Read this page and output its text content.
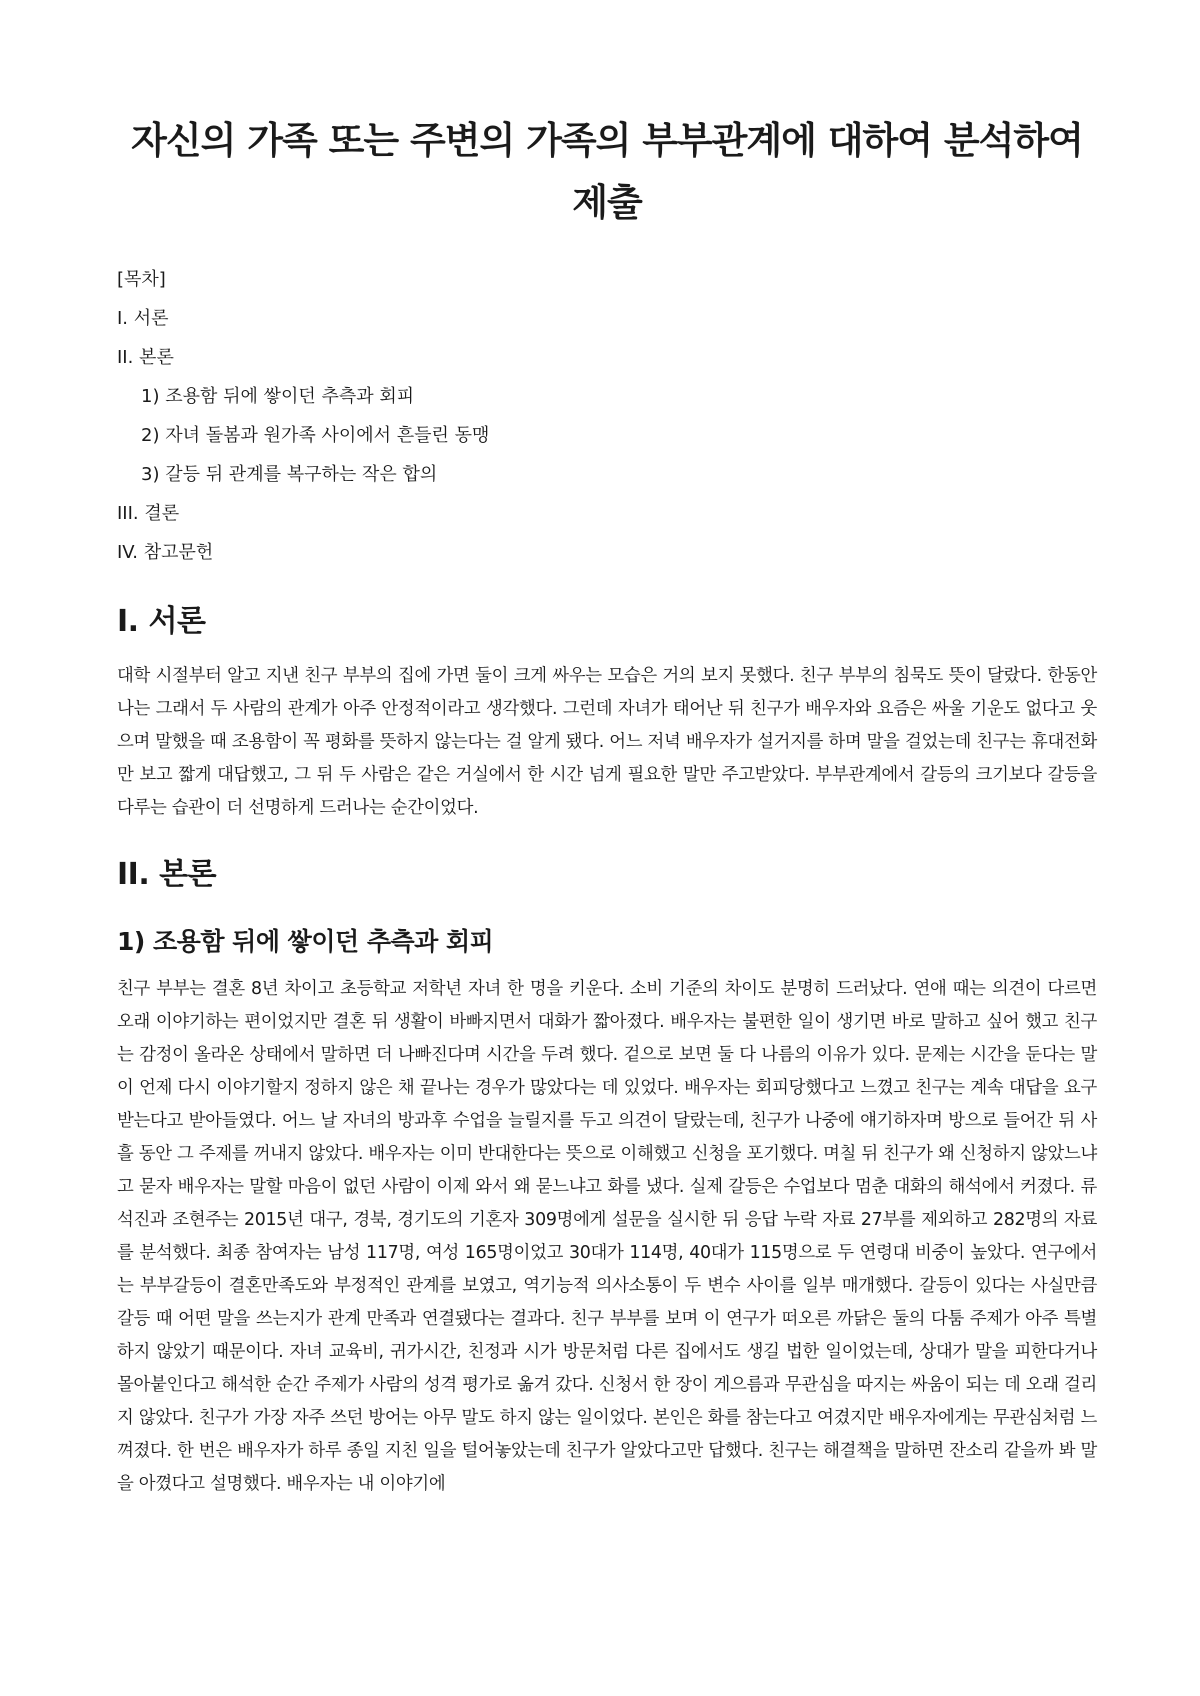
자신의 가족 또는 주변의 가족의 부부관계에 대하여 분석하여
제출
[목차]
I. 서론
II. 본론
1) 조용함 뒤에 쌓이던 추측과 회피
2) 자녀 돌봄과 원가족 사이에서 흔들린 동맹
3) 갈등 뒤 관계를 복구하는 작은 합의
III. 결론
IV. 참고문헌
I. 서론

대학 시절부터 알고 지낸 친구 부부의 집에 가면 둘이 크게 싸우는 모습은 거의 보지 못했다. 친구 부부의 침묵도 뜻이 달랐다. 한동안 나는 그래서 두 사람의 관계가 아주 안정적이라고 생각했다. 그런데 자녀가 태어난 뒤 친구가 배우자와 요즘은 싸울 기운도 없다고 웃으며 말했을 때 조용함이 꼭 평화를 뜻하지 않는다는 걸 알게 됐다. 어느 저녁 배우자가 설거지를 하며 말을 걸었는데 친구는 휴대전화만 보고 짧게 대답했고, 그 뒤 두 사람은 같은 거실에서 한 시간 넘게 필요한 말만 주고받았다. 부부관계에서 갈등의 크기보다 갈등을 다루는 습관이 더 선명하게 드러나는 순간이었다.

II. 본론
1) 조용함 뒤에 쌓이던 추측과 회피

친구 부부는 결혼 8년 차이고 초등학교 저학년 자녀 한 명을 키운다. 소비 기준의 차이도 분명히 드러났다. 연애 때는 의견이 다르면 오래 이야기하는 편이었지만 결혼 뒤 생활이 바빠지면서 대화가 짧아졌다. 배우자는 불편한 일이 생기면 바로 말하고 싶어 했고 친구는 감정이 올라온 상태에서 말하면 더 나빠진다며 시간을 두려 했다. 겉으로 보면 둘 다 나름의 이유가 있다. 문제는 시간을 둔다는 말이 언제 다시 이야기할지 정하지 않은 채 끝나는 경우가 많았다는 데 있었다. 배우자는 회피당했다고 느꼈고 친구는 계속 대답을 요구받는다고 받아들였다. 어느 날 자녀의 방과후 수업을 늘릴지를 두고 의견이 달랐는데, 친구가 나중에 얘기하자며 방으로 들어간 뒤 사흘 동안 그 주제를 꺼내지 않았다. 배우자는 이미 반대한다는 뜻으로 이해했고 신청을 포기했다. 며칠 뒤 친구가 왜 신청하지 않았느냐고 묻자 배우자는 말할 마음이 없던 사람이 이제 와서 왜 묻느냐고 화를 냈다. 실제 갈등은 수업보다 멈춘 대화의 해석에서 커졌다. 류석진과 조현주는 2015년 대구, 경북, 경기도의 기혼자 309명에게 설문을 실시한 뒤 응답 누락 자료 27부를 제외하고 282명의 자료를 분석했다. 최종 참여자는 남성 117명, 여성 165명이었고 30대가 114명, 40대가 115명으로 두 연령대 비중이 높았다. 연구에서는 부부갈등이 결혼만족도와 부정적인 관계를 보였고, 역기능적 의사소통이 두 변수 사이를 일부 매개했다. 갈등이 있다는 사실만큼 갈등 때 어떤 말을 쓰는지가 관계 만족과 연결됐다는 결과다. 친구 부부를 보며 이 연구가 떠오른 까닭은 둘의 다툼 주제가 아주 특별하지 않았기 때문이다. 자녀 교육비, 귀가시간, 친정과 시가 방문처럼 다른 집에서도 생길 법한 일이었는데, 상대가 말을 피한다거나 몰아붙인다고 해석한 순간 주제가 사람의 성격 평가로 옮겨 갔다. 신청서 한 장이 게으름과 무관심을 따지는 싸움이 되는 데 오래 걸리지 않았다. 친구가 가장 자주 쓰던 방어는 아무 말도 하지 않는 일이었다. 본인은 화를 참는다고 여겼지만 배우자에게는 무관심처럼 느껴졌다. 한 번은 배우자가 하루 종일 지친 일을 털어놓았는데 친구가 알았다고만 답했다. 친구는 해결책을 말하면 잔소리 같을까 봐 말을 아꼈다고 설명했다. 배우자는 내 이야기에
